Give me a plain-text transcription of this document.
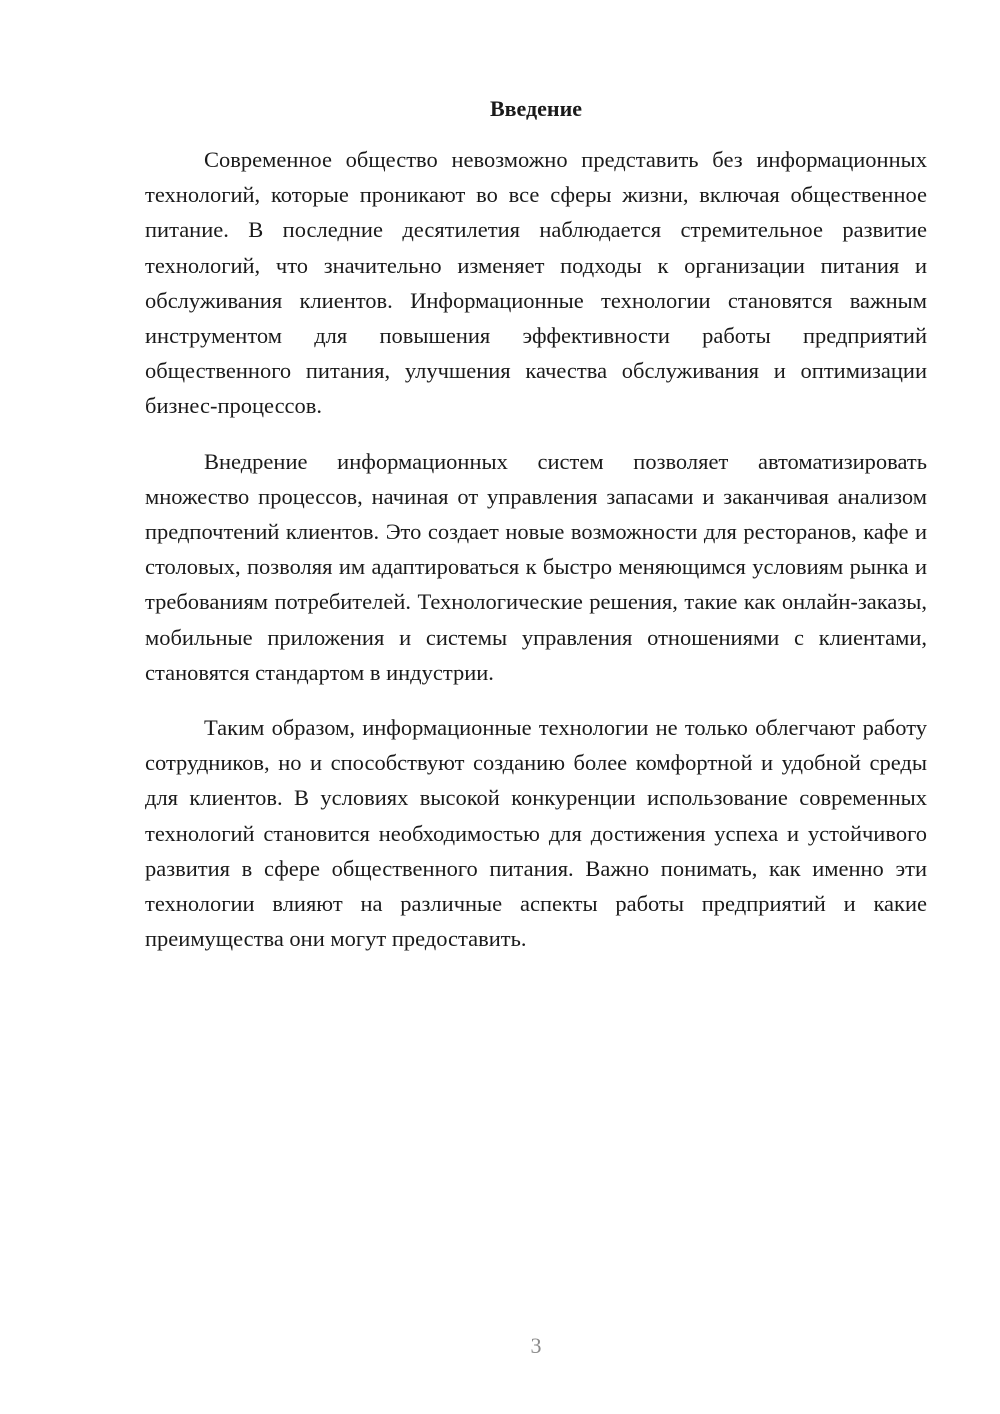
Введение

Современное общество невозможно представить без информационных технологий, которые проникают во все сферы жизни, включая общественное питание. В последние десятилетия наблюдается стремительное развитие технологий, что значительно изменяет подходы к организации питания и обслуживания клиентов. Информационные технологии становятся важным инструментом для повышения эффективности работы предприятий общественного питания, улучшения качества обслуживания и оптимизации бизнес-процессов.

Внедрение информационных систем позволяет автоматизировать множество процессов, начиная от управления запасами и заканчивая анализом предпочтений клиентов. Это создает новые возможности для ресторанов, кафе и столовых, позволяя им адаптироваться к быстро меняющимся условиям рынка и требованиям потребителей. Технологические решения, такие как онлайн-заказы, мобильные приложения и системы управления отношениями с клиентами, становятся стандартом в индустрии.

Таким образом, информационные технологии не только облегчают работу сотрудников, но и способствуют созданию более комфортной и удобной среды для клиентов. В условиях высокой конкуренции использование современных технологий становится необходимостью для достижения успеха и устойчивого развития в сфере общественного питания. Важно понимать, как именно эти технологии влияют на различные аспекты работы предприятий и какие преимущества они могут предоставить.

3
